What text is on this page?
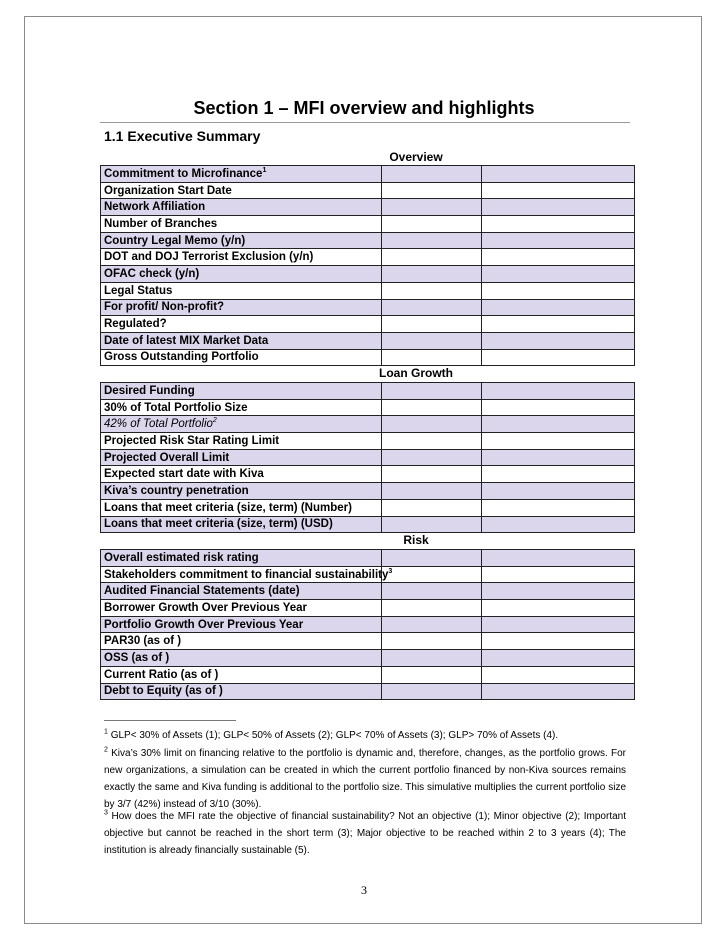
Section 1 – MFI overview and highlights
1.1 Executive Summary
Overview
Commitment to Microfinance$^1$		
Organization Start Date		
Network Affiliation		
Number of Branches		
Country Legal Memo (y/n)		
DOT and DOJ Terrorist Exclusion (y/n)		
OFAC check (y/n)		
Legal Status		
For profit/ Non-profit?		
Regulated?		
Date of latest MIX Market Data		
Gross Outstanding Portfolio		
Loan Growth
Desired Funding		
30% of Total Portfolio Size		
42% of Total Portfolio$^2$		
Projected Risk Star Rating Limit		
Projected Overall Limit		
Expected start date with Kiva		
Kiva’s country penetration		
Loans that meet criteria (size, term) (Number)		
Loans that meet criteria (size, term) (USD)		
Risk
Overall estimated risk rating		
Stakeholders commitment to financial sustainability$^3$		
Audited Financial Statements (date)		
Borrower Growth Over Previous Year		
Portfolio Growth Over Previous Year		
PAR30 (as of )		
OSS (as of )		
Current Ratio (as of )		
Debt to Equity (as of )		
$^1$ GLP< 30% of Assets (1); GLP< 50% of Assets (2); GLP< 70% of Assets (3); GLP> 70% of Assets (4).
$^2$ Kiva’s 30% limit on financing relative to the portfolio is dynamic and, therefore, changes, as the portfolio grows. For new organizations, a simulation can be created in which the current portfolio financed by non-Kiva sources remains exactly the same and Kiva funding is additional to the portfolio size. This simulative multiplies the current portfolio size by 3/7 (42%) instead of 3/10 (30%).
$^3$ How does the MFI rate the objective of financial sustainability? Not an objective (1); Minor objective (2); Important objective but cannot be reached in the short term (3); Major objective to be reached within 2 to 3 years (4); The institution is already financially sustainable (5).
3
